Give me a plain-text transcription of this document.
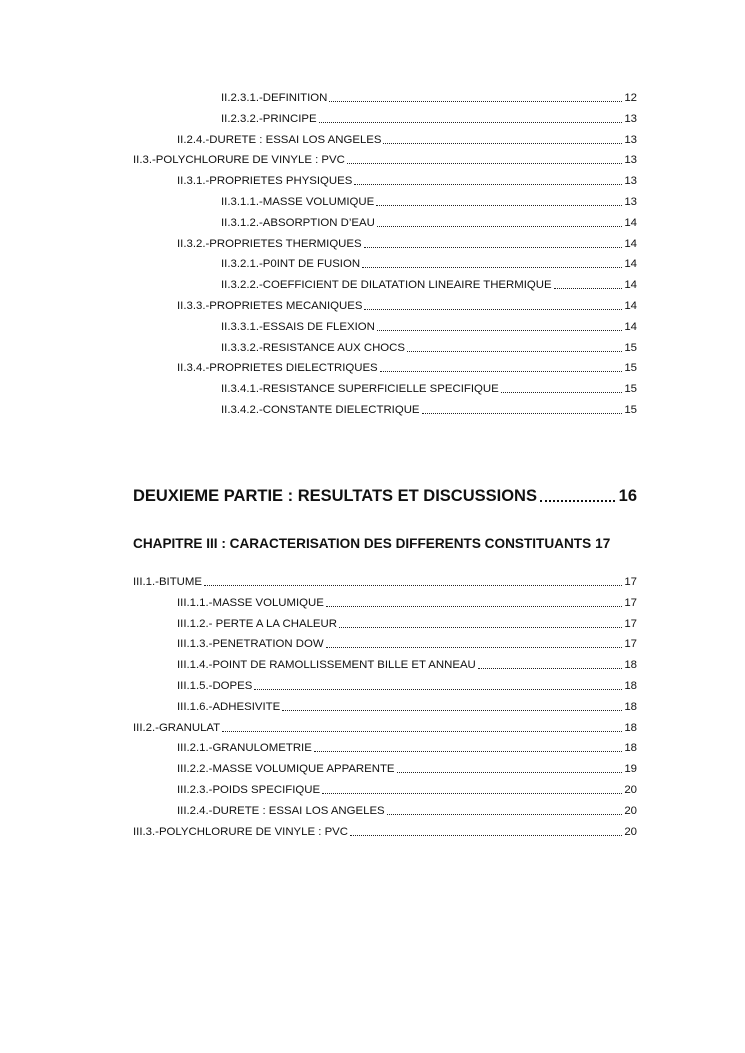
II.2.3.1.-DEFINITION	12
II.2.3.2.-PRINCIPE	13
II.2.4.-DURETE : ESSAI LOS ANGELES	13
II.3.-POLYCHLORURE DE VINYLE : PVC	13
II.3.1.-PROPRIETES PHYSIQUES	13
II.3.1.1.-MASSE VOLUMIQUE	13
II.3.1.2.-ABSORPTION D’EAU	14
II.3.2.-PROPRIETES THERMIQUES	14
II.3.2.1.-P0INT DE FUSION	14
II.3.2.2.-COEFFICIENT DE DILATATION LINEAIRE THERMIQUE	14
II.3.3.-PROPRIETES MECANIQUES	14
II.3.3.1.-ESSAIS DE FLEXION	14
II.3.3.2.-RESISTANCE AUX CHOCS	15
II.3.4.-PROPRIETES DIELECTRIQUES	15
II.3.4.1.-RESISTANCE SUPERFICIELLE SPECIFIQUE	15
II.3.4.2.-CONSTANTE DIELECTRIQUE	15
DEUXIEME PARTIE : RESULTATS ET DISCUSSIONS	16
CHAPITRE III : CARACTERISATION DES DIFFERENTS CONSTITUANTS 17
III.1.-BITUME	17
III.1.1.-MASSE VOLUMIQUE	17
III.1.2.- PERTE A LA CHALEUR	17
III.1.3.-PENETRATION DOW	17
III.1.4.-POINT DE RAMOLLISSEMENT BILLE ET ANNEAU	18
III.1.5.-DOPES	18
III.1.6.-ADHESIVITE	18
III.2.-GRANULAT	18
III.2.1.-GRANULOMETRIE	18
III.2.2.-MASSE VOLUMIQUE APPARENTE	19
III.2.3.-POIDS SPECIFIQUE	20
III.2.4.-DURETE : ESSAI LOS ANGELES	20
III.3.-POLYCHLORURE DE VINYLE : PVC	20
